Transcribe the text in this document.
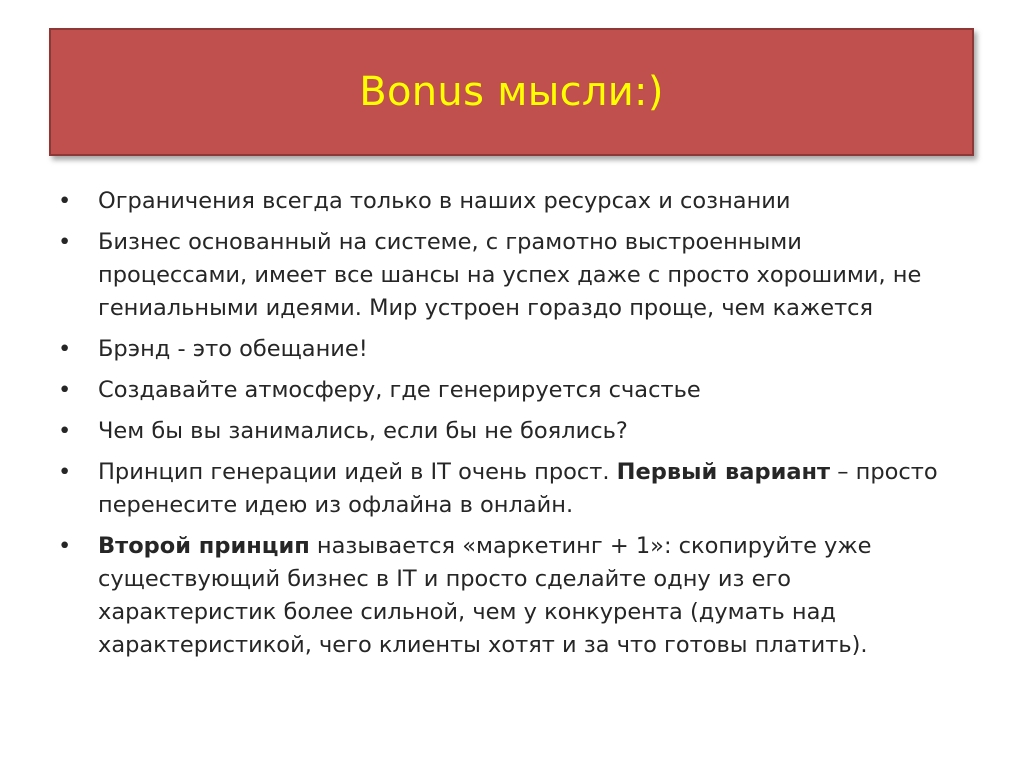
Bonus мысли:)
• Ограничения всегда только в наших ресурсах и сознании
• Бизнес основанный на системе, с грамотно выстроенными процессами, имеет все шансы на успех даже с просто хорошими, не гениальными идеями. Мир устроен гораздо проще, чем кажется
• Брэнд - это обещание!
• Создавайте атмосферу, где генерируется счастье
• Чем бы вы занимались, если бы не боялись?
• Принцип генерации идей в IT очень прост. Первый вариант – просто перенесите идею из офлайна в онлайн.
• Второй принцип называется «маркетинг + 1»: скопируйте уже существующий бизнес в IT и просто сделайте одну из его характеристик более сильной, чем у конкурента (думать над характеристикой, чего клиенты хотят и за что готовы платить).
